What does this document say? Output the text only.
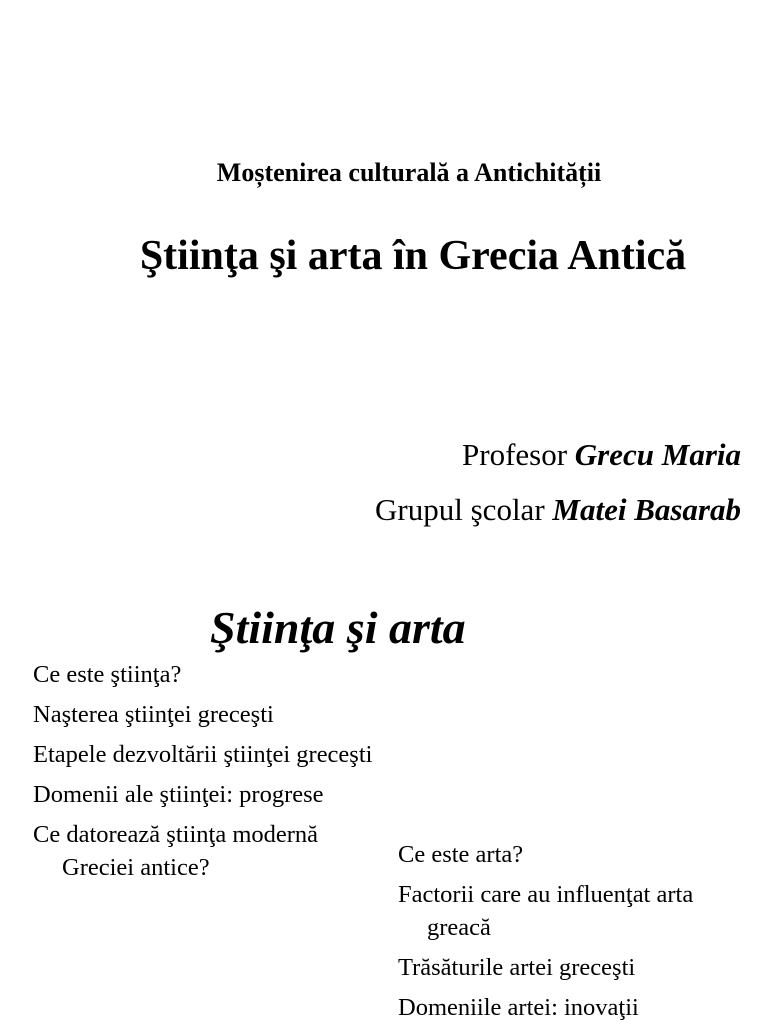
Moștenirea culturală a Antichității
Ştiinţa şi arta în Grecia Antică
Profesor Grecu Maria
Grupul şcolar Matei Basarab
Ştiinţa şi arta
Ce este ştiinţa?
Naşterea ştiinţei greceşti
Etapele dezvoltării ştiinţei greceşti
Domenii ale ştiinţei: progrese
Ce datorează ştiinţa modernă Greciei antice?	Ce este arta?
Factorii care au influenţat arta greacă
Trăsăturile artei greceşti
Domeniile artei: inovaţii
